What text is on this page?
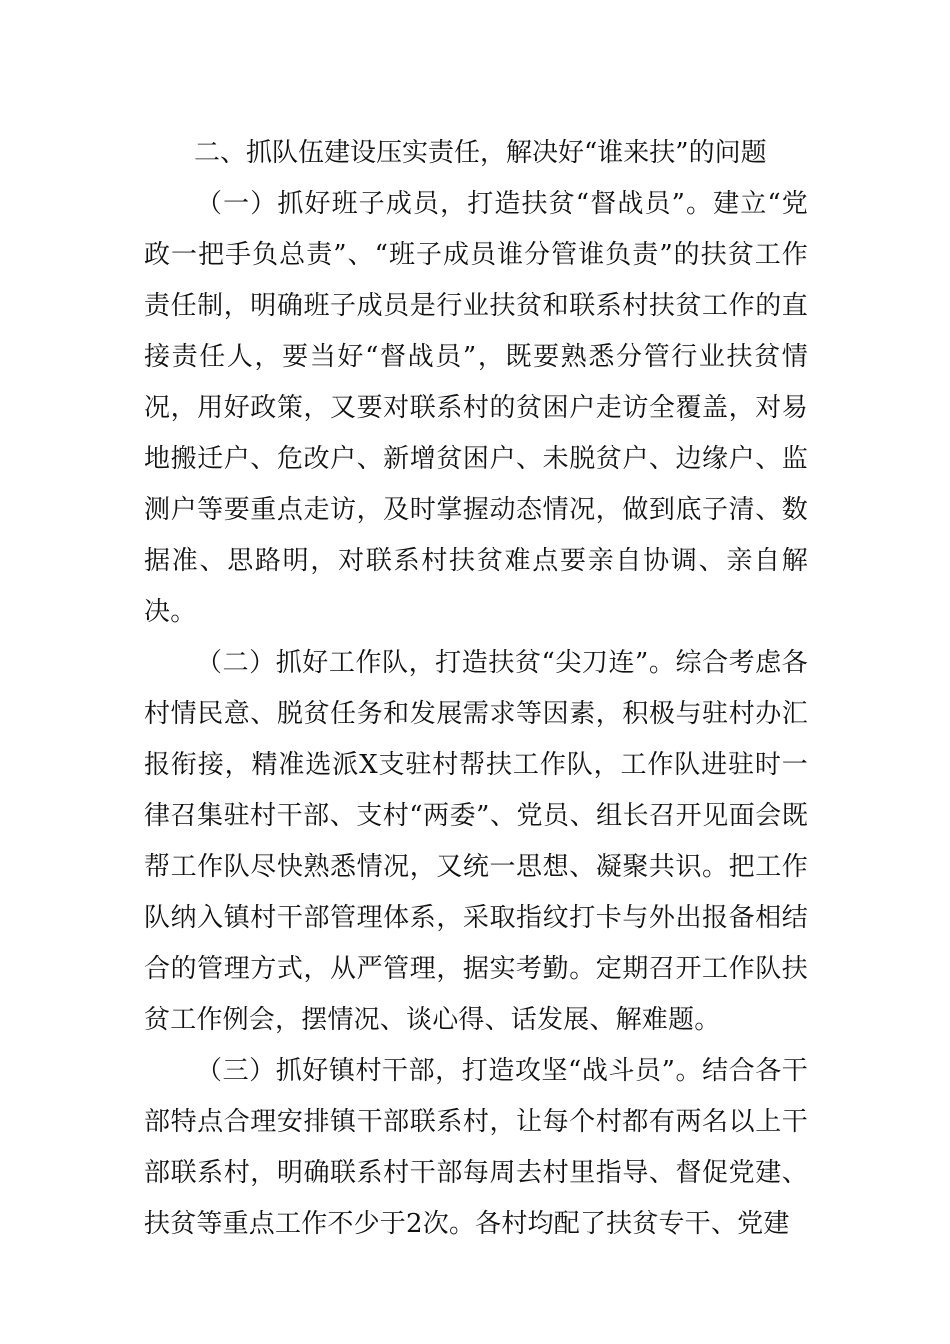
二、抓队伍建设压实责任，解决好“谁来扶”的问题

（一）抓好班子成员，打造扶贫“督战员”。建立“党政一把手负总责”、“班子成员谁分管谁负责”的扶贫工作责任制，明确班子成员是行业扶贫和联系村扶贫工作的直接责任人，要当好“督战员”，既要熟悉分管行业扶贫情况，用好政策，又要对联系村的贫困户走访全覆盖，对易地搬迁户、危改户、新增贫困户、未脱贫户、边缘户、监测户等要重点走访，及时掌握动态情况，做到底子清、数据准、思路明，对联系村扶贫难点要亲自协调、亲自解决。

（二）抓好工作队，打造扶贫“尖刀连”。综合考虑各村情民意、脱贫任务和发展需求等因素，积极与驻村办汇报衔接，精准选派X支驻村帮扶工作队，工作队进驻时一律召集驻村干部、支村“两委”、党员、组长召开见面会既帮工作队尽快熟悉情况，又统一思想、凝聚共识。把工作队纳入镇村干部管理体系，采取指纹打卡与外出报备相结合的管理方式，从严管理，据实考勤。定期召开工作队扶贫工作例会，摆情况、谈心得、话发展、解难题。

（三）抓好镇村干部，打造攻坚“战斗员”。结合各干部特点合理安排镇干部联系村，让每个村都有两名以上干部联系村，明确联系村干部每周去村里指导、督促党建、扶贫等重点工作不少于2次。各村均配了扶贫专干、党建
